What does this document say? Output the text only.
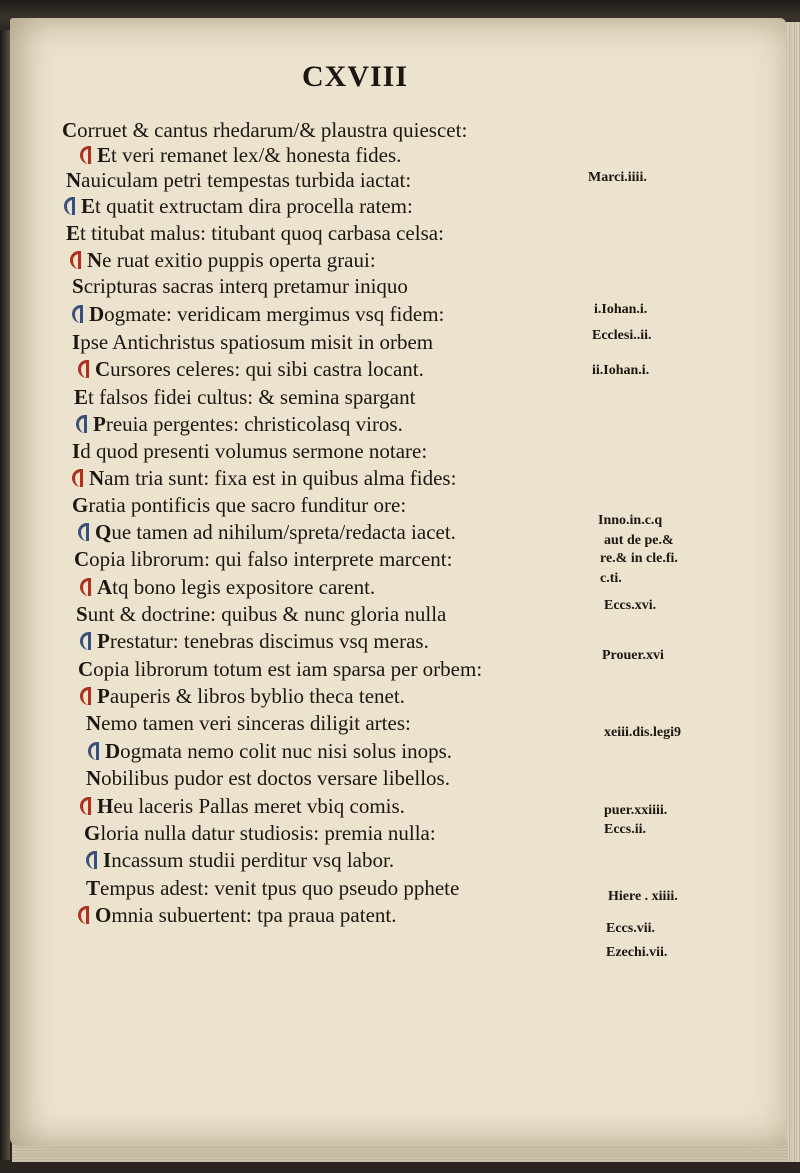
CXVIII
Corruet & cantus rhedarum/& plaustra quiescet:
Et veri remanet lex/& honesta fides.
Nauiculam petri tempestas turbida iactat:
Et quatit extructam dira procella ratem:
Et titubat malus: titubant quoq carbasa celsa:
Ne ruat exitio puppis operta graui:
Scripturas sacras interq pretamur iniquo
Dogmate: veridicam mergimus vsq fidem:
Ipse Antichristus spatiosum misit in orbem
Cursores celeres: qui sibi castra locant.
Et falsos fidei cultus: & semina spargant
Preuia pergentes: christicolasq viros.
Id quod presenti volumus sermone notare:
Nam tria sunt: fixa est in quibus alma fides:
Gratia pontificis que sacro funditur ore:
Que tamen ad nihilum/spreta/redacta iacet.
Copia librorum: qui falso interprete marcent:
Atq bono legis expositore carent.
Sunt & doctrine: quibus & nunc gloria nulla
Prestatur: tenebras discimus vsq meras.
Copia librorum totum est iam sparsa per orbem:
Pauperis & libros byblio theca tenet.
Nemo tamen veri sinceras diligit artes:
Dogmata nemo colit nuc nisi solus inops.
Nobilibus pudor est doctos versare libellos.
Heu laceris Pallas meret vbiq comis.
Gloria nulla datur studiosis: premia nulla:
Incassum studii perditur vsq labor.
Tempus adest: venit tpus quo pseudo pphete
Omnia subuertent: tpa praua patent.
Marci.iiii.
i.Iohan.i.
Ecclesi..ii.
ii.Iohan.i.
Inno.in.c.q
aut de pe.&
re.& in cle.fi.
c.ti.
Eccs.xvi.
Prouer.xvi
xeiii.dis.legi9
puer.xxiiii.
Eccs.ii.
Hiere . xiiii.
Eccs.vii.
Ezechi.vii.
